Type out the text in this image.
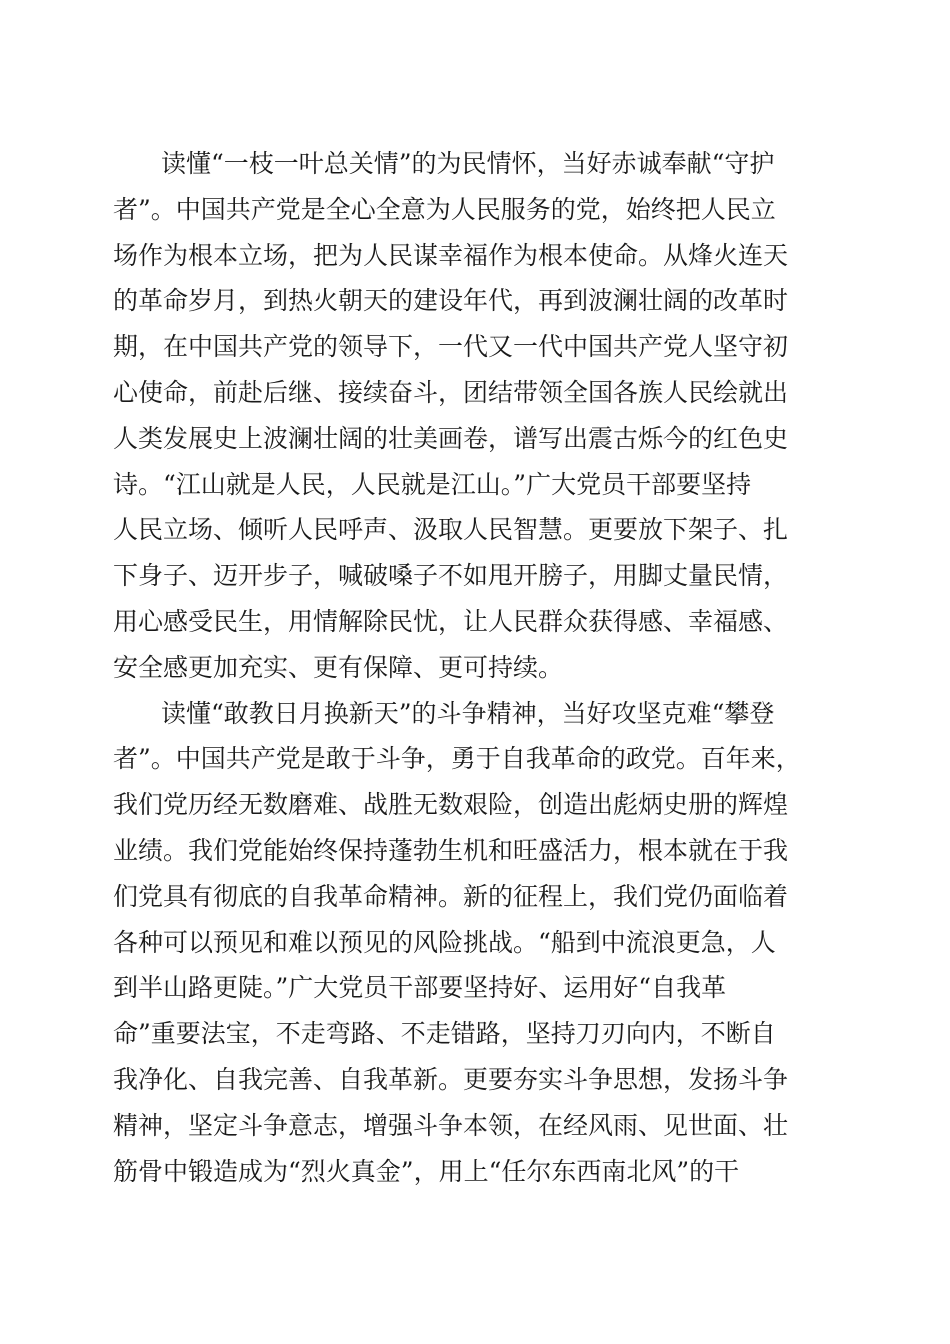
读懂“一枝一叶总关情”的为民情怀，当好赤诚奉献“守护
者”。中国共产党是全心全意为人民服务的党，始终把人民立
场作为根本立场，把为人民谋幸福作为根本使命。从烽火连天
的革命岁月，到热火朝天的建设年代，再到波澜壮阔的改革时
期，在中国共产党的领导下，一代又一代中国共产党人坚守初
心使命，前赴后继、接续奋斗，团结带领全国各族人民绘就出
人类发展史上波澜壮阔的壮美画卷，谱写出震古烁今的红色史
诗。“江山就是人民，人民就是江山。”广大党员干部要坚持
人民立场、倾听人民呼声、汲取人民智慧。更要放下架子、扎
下身子、迈开步子，喊破嗓子不如甩开膀子，用脚丈量民情，
用心感受民生，用情解除民忧，让人民群众获得感、幸福感、
安全感更加充实、更有保障、更可持续。
读懂“敢教日月换新天”的斗争精神，当好攻坚克难“攀登
者”。中国共产党是敢于斗争，勇于自我革命的政党。百年来，
我们党历经无数磨难、战胜无数艰险，创造出彪炳史册的辉煌
业绩。我们党能始终保持蓬勃生机和旺盛活力，根本就在于我
们党具有彻底的自我革命精神。新的征程上，我们党仍面临着
各种可以预见和难以预见的风险挑战。“船到中流浪更急，人
到半山路更陡。”广大党员干部要坚持好、运用好“自我革
命”重要法宝，不走弯路、不走错路，坚持刀刃向内，不断自
我净化、自我完善、自我革新。更要夯实斗争思想，发扬斗争
精神，坚定斗争意志，增强斗争本领，在经风雨、见世面、壮
筋骨中锻造成为“烈火真金”，用上“任尔东西南北风”的干
